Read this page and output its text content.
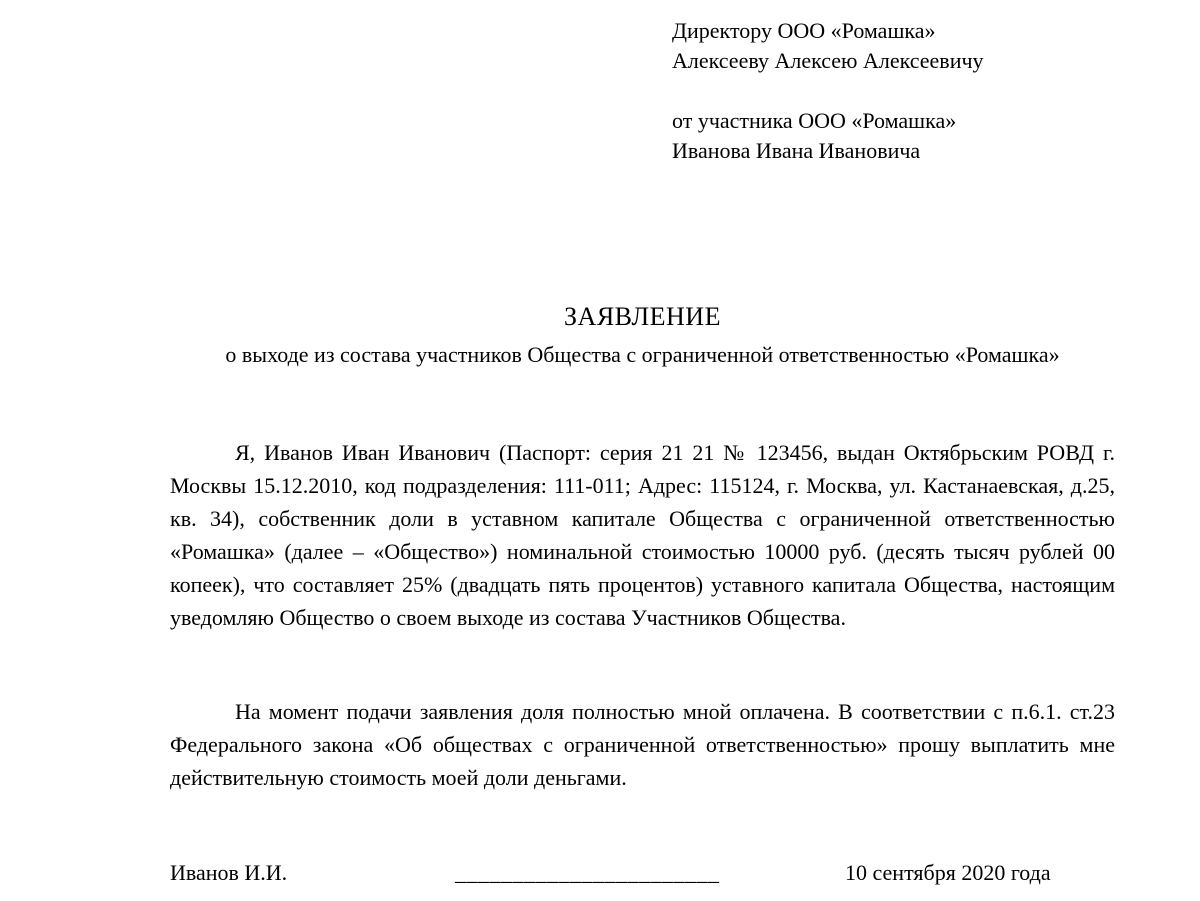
Директору ООО «Ромашка»
Алексееву Алексею Алексеевичу
от участника ООО «Ромашка»
Иванова Ивана Ивановича
ЗАЯВЛЕНИЕ
о выходе из состава участников Общества с ограниченной ответственностью «Ромашка»

Я, Иванов Иван Иванович (Паспорт: серия 21 21 № 123456, выдан Октябрьским РОВД г. Москвы 15.12.2010, код подразделения: 111-011; Адрес: 115124, г. Москва, ул. Кастанаевская, д.25, кв. 34), собственник доли в уставном капитале Общества с ограниченной ответственностью «Ромашка» (далее – «Общество») номинальной стоимостью 10000 руб. (десять тысяч рублей 00 копеек), что составляет 25% (двадцать пять процентов) уставного капитала Общества, настоящим уведомляю Общество о своем выходе из состава Участников Общества.

На момент подачи заявления доля полностью мной оплачена. В соответствии с п.6.1. ст.23 Федерального закона «Об обществах с ограниченной ответственностью» прошу выплатить мне действительную стоимость моей доли деньгами.

Иванов И.И.	_______________________	10 сентября 2020 года
